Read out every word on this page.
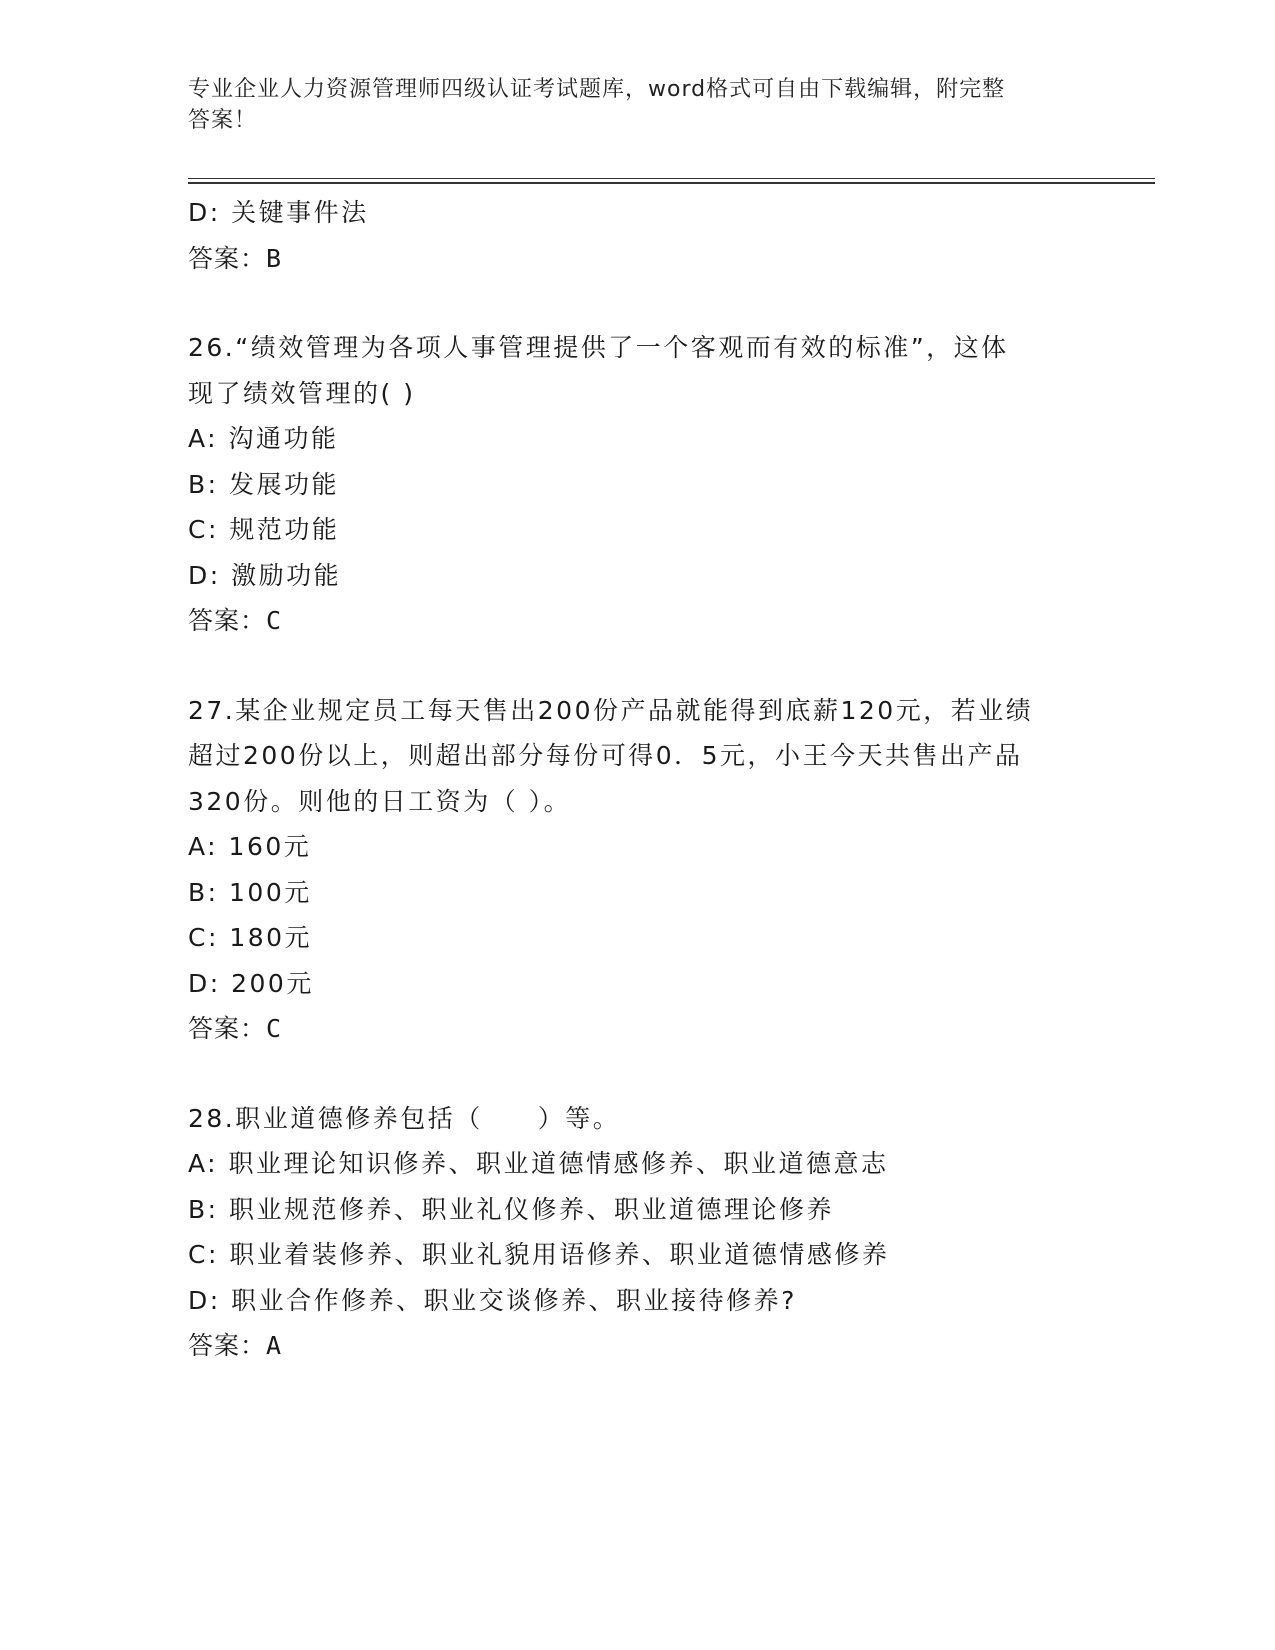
专业企业人力资源管理师四级认证考试题库，word格式可自由下载编辑，附完整
答案！
D: 关键事件法
答案：B
26.“绩效管理为各项人事管理提供了一个客观而有效的标准”，这体
现了绩效管理的( )
A: 沟通功能
B: 发展功能
C: 规范功能
D: 激励功能
答案：C
27.某企业规定员工每天售出200份产品就能得到底薪120元，若业绩
超过200份以上，则超出部分每份可得0．5元，小王今天共售出产品
320份。则他的日工资为（ ）。
A: 160元
B: 100元
C: 180元
D: 200元
答案：C
28.职业道德修养包括（　　）等。
A: 职业理论知识修养、职业道德情感修养、职业道德意志
B: 职业规范修养、职业礼仪修养、职业道德理论修养
C: 职业着装修养、职业礼貌用语修养、职业道德情感修养
D: 职业合作修养、职业交谈修养、职业接待修养?
答案：A
